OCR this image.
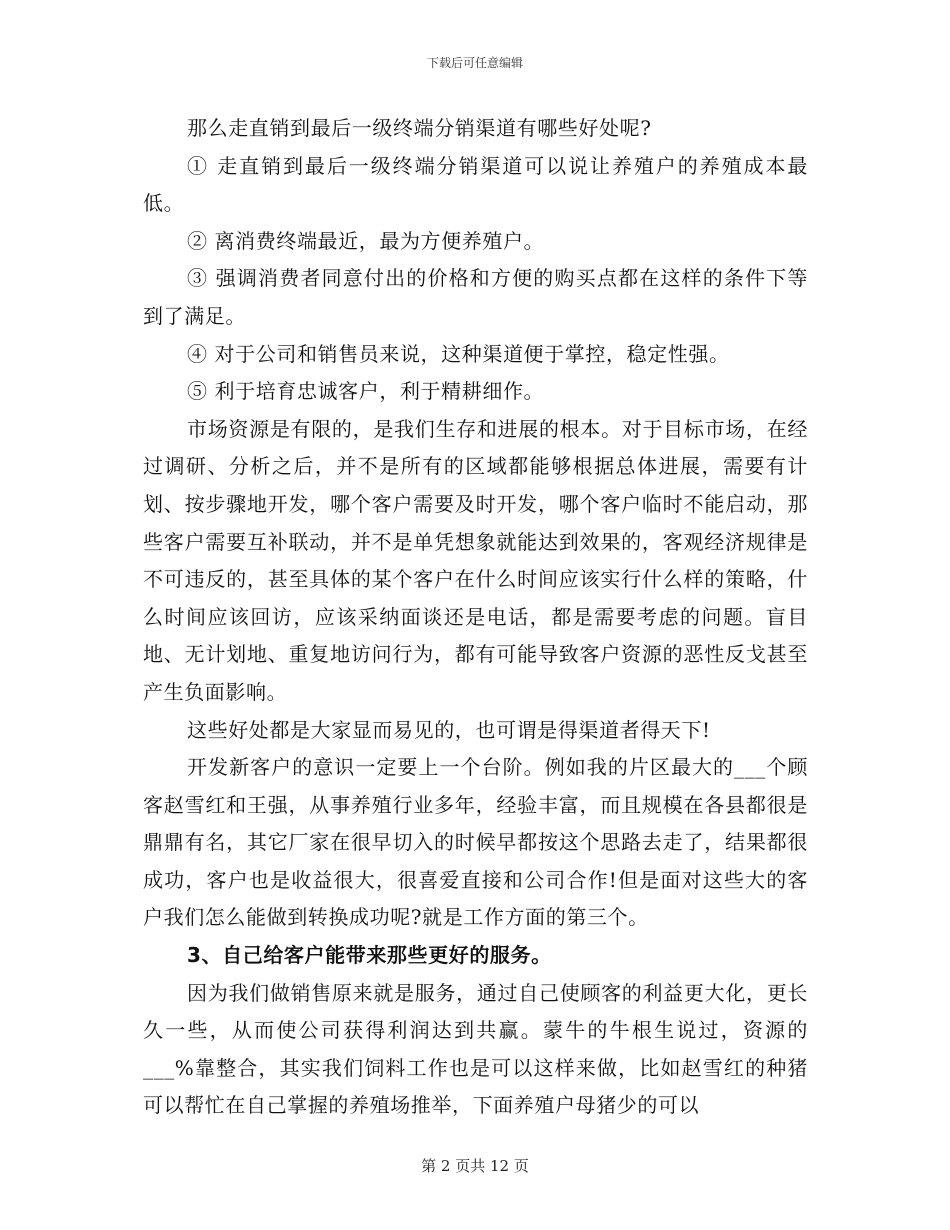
下载后可任意编辑

那么走直销到最后一级终端分销渠道有哪些好处呢?

① 走直销到最后一级终端分销渠道可以说让养殖户的养殖成本最低。

② 离消费终端最近，最为方便养殖户。

③ 强调消费者同意付出的价格和方便的购买点都在这样的条件下等到了满足。

④ 对于公司和销售员来说，这种渠道便于掌控，稳定性强。

⑤ 利于培育忠诚客户，利于精耕细作。

市场资源是有限的，是我们生存和进展的根本。对于目标市场，在经过调研、分析之后，并不是所有的区域都能够根据总体进展，需要有计划、按步骤地开发，哪个客户需要及时开发，哪个客户临时不能启动，那些客户需要互补联动，并不是单凭想象就能达到效果的，客观经济规律是不可违反的，甚至具体的某个客户在什么时间应该实行什么样的策略，什么时间应该回访，应该采纳面谈还是电话，都是需要考虑的问题。盲目地、无计划地、重复地访问行为，都有可能导致客户资源的恶性反戈甚至产生负面影响。

这些好处都是大家显而易见的，也可谓是得渠道者得天下!

开发新客户的意识一定要上一个台阶。例如我的片区最大的___个顾客赵雪红和王强，从事养殖行业多年，经验丰富，而且规模在各县都很是鼎鼎有名，其它厂家在很早切入的时候早都按这个思路去走了，结果都很成功，客户也是收益很大，很喜爱直接和公司合作!但是面对这些大的客户我们怎么能做到转换成功呢?就是工作方面的第三个。

3、自己给客户能带来那些更好的服务。

因为我们做销售原来就是服务，通过自己使顾客的利益更大化，更长久一些，从而使公司获得利润达到共赢。蒙牛的牛根生说过，资源的___%靠整合，其实我们饲料工作也是可以这样来做，比如赵雪红的种猪可以帮忙在自己掌握的养殖场推举，下面养殖户母猪少的可以

第 2 页共 12 页
